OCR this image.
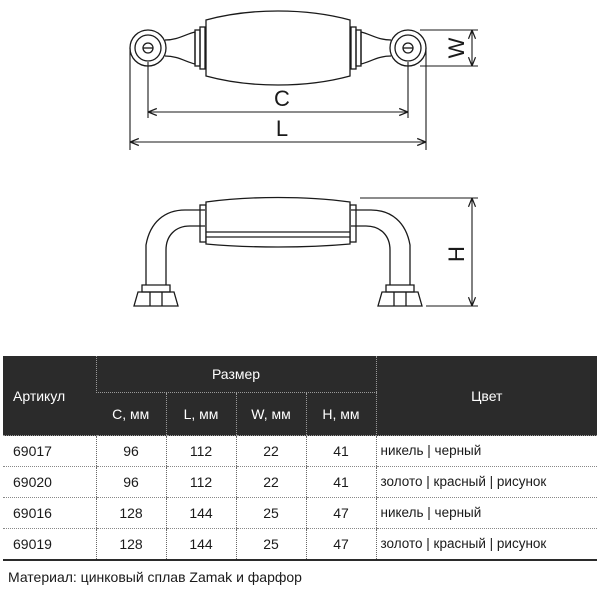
W
C
L
H
Артикул	Размер				Цвет
	C, мм	L, мм	W, мм	H, мм	
69017	96	112	22	41	никель | черный
69020	96	112	22	41	золото | красный | рисунок
69016	128	144	25	47	никель | черный
69019	128	144	25	47	золото | красный | рисунок
Материал: цинковый сплав Zamak и фарфор
